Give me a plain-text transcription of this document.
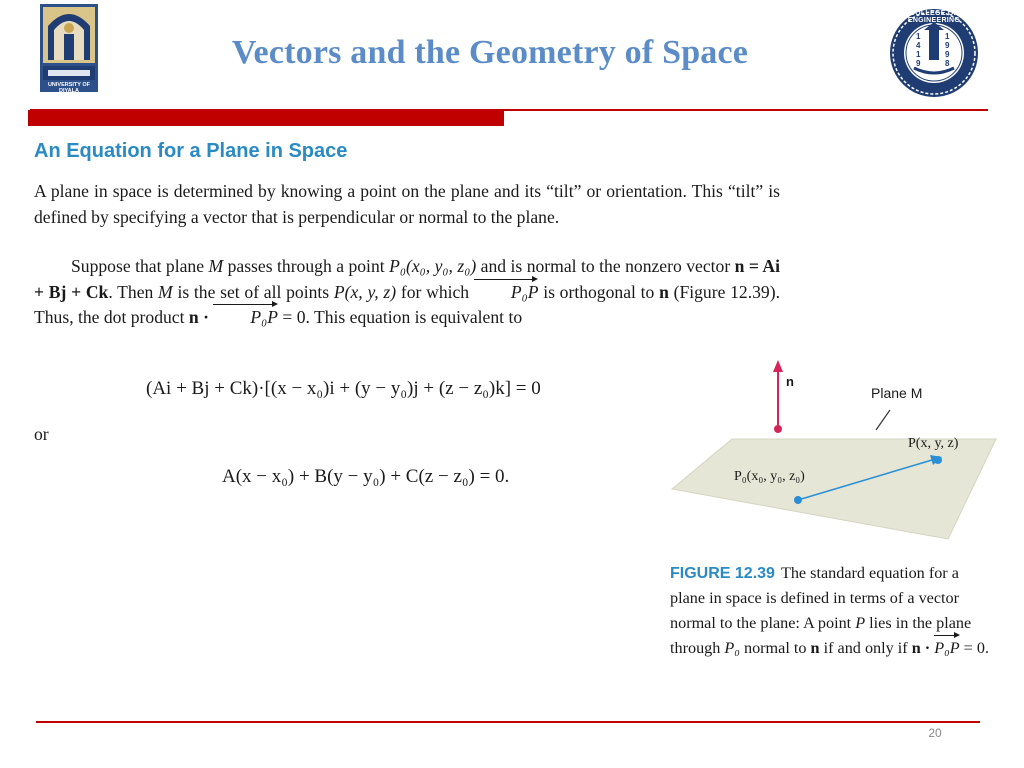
UNIVERSITY OF DIYALA
COLLEGE OF ENGINEERING
1
4
1
9
1
9
9
8
Vectors and the Geometry of Space
An Equation for a Plane in Space
A plane in space is determined by knowing a point on the plane and its “tilt” or orientation. This “tilt” is defined by specifying a vector that is perpendicular or normal to the plane.
Suppose that plane M passes through a point P₀(x₀, y₀, z₀) and is normal to the nonzero vector n = Ai + Bj + Ck. Then M is the set of all points P(x, y, z) for which P₀P is orthogonal to n (Figure 12.39). Thus, the dot product n · P₀P = 0. This equation is equivalent to
(Ai + Bj + Ck)·[(x − x₀)i + (y − y₀)j + (z − z₀)k] = 0
or
A(x − x₀) + B(y − y₀) + C(z − z₀) = 0.
n
Plane M
P(x, y, z)
P₀(x₀, y₀, z₀)
FIGURE 12.39 The standard equation for a plane in space is defined in terms of a vector normal to the plane: A point P lies in the plane through P₀ normal to n if and only if n · P₀P = 0.
20
